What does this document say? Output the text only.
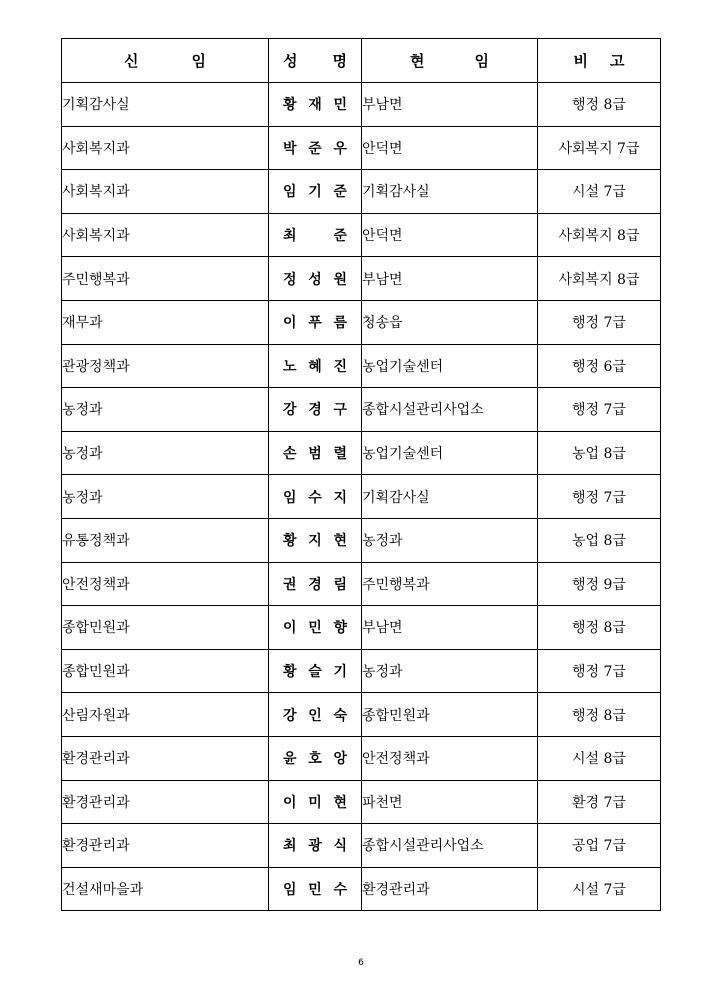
신 임	성 명	현 임	비 고

기획감사실	황 재 민	부남면	행정 8급
사회복지과	박 준 우	안덕면	사회복지 7급
사회복지과	임 기 준	기획감사실	시설 7급
사회복지과	최 준	안덕면	사회복지 8급
주민행복과	정 성 원	부남면	사회복지 8급
재무과	이 푸 름	청송읍	행정 7급
관광정책과	노 혜 진	농업기술센터	행정 6급
농정과	강 경 구	종합시설관리사업소	행정 7급
농정과	손 범 렬	농업기술센터	농업 8급
농정과	임 수 지	기획감사실	행정 7급
유통정책과	황 지 현	농정과	농업 8급
안전정책과	권 경 림	주민행복과	행정 9급
종합민원과	이 민 향	부남면	행정 8급
종합민원과	황 슬 기	농정과	행정 7급
산림자원과	강 인 숙	종합민원과	행정 8급
환경관리과	윤 호 앙	안전정책과	시설 8급
환경관리과	이 미 현	파천면	환경 7급
환경관리과	최 광 식	종합시설관리사업소	공업 7급
건설새마을과	임 민 수	환경관리과	시설 7급
6
